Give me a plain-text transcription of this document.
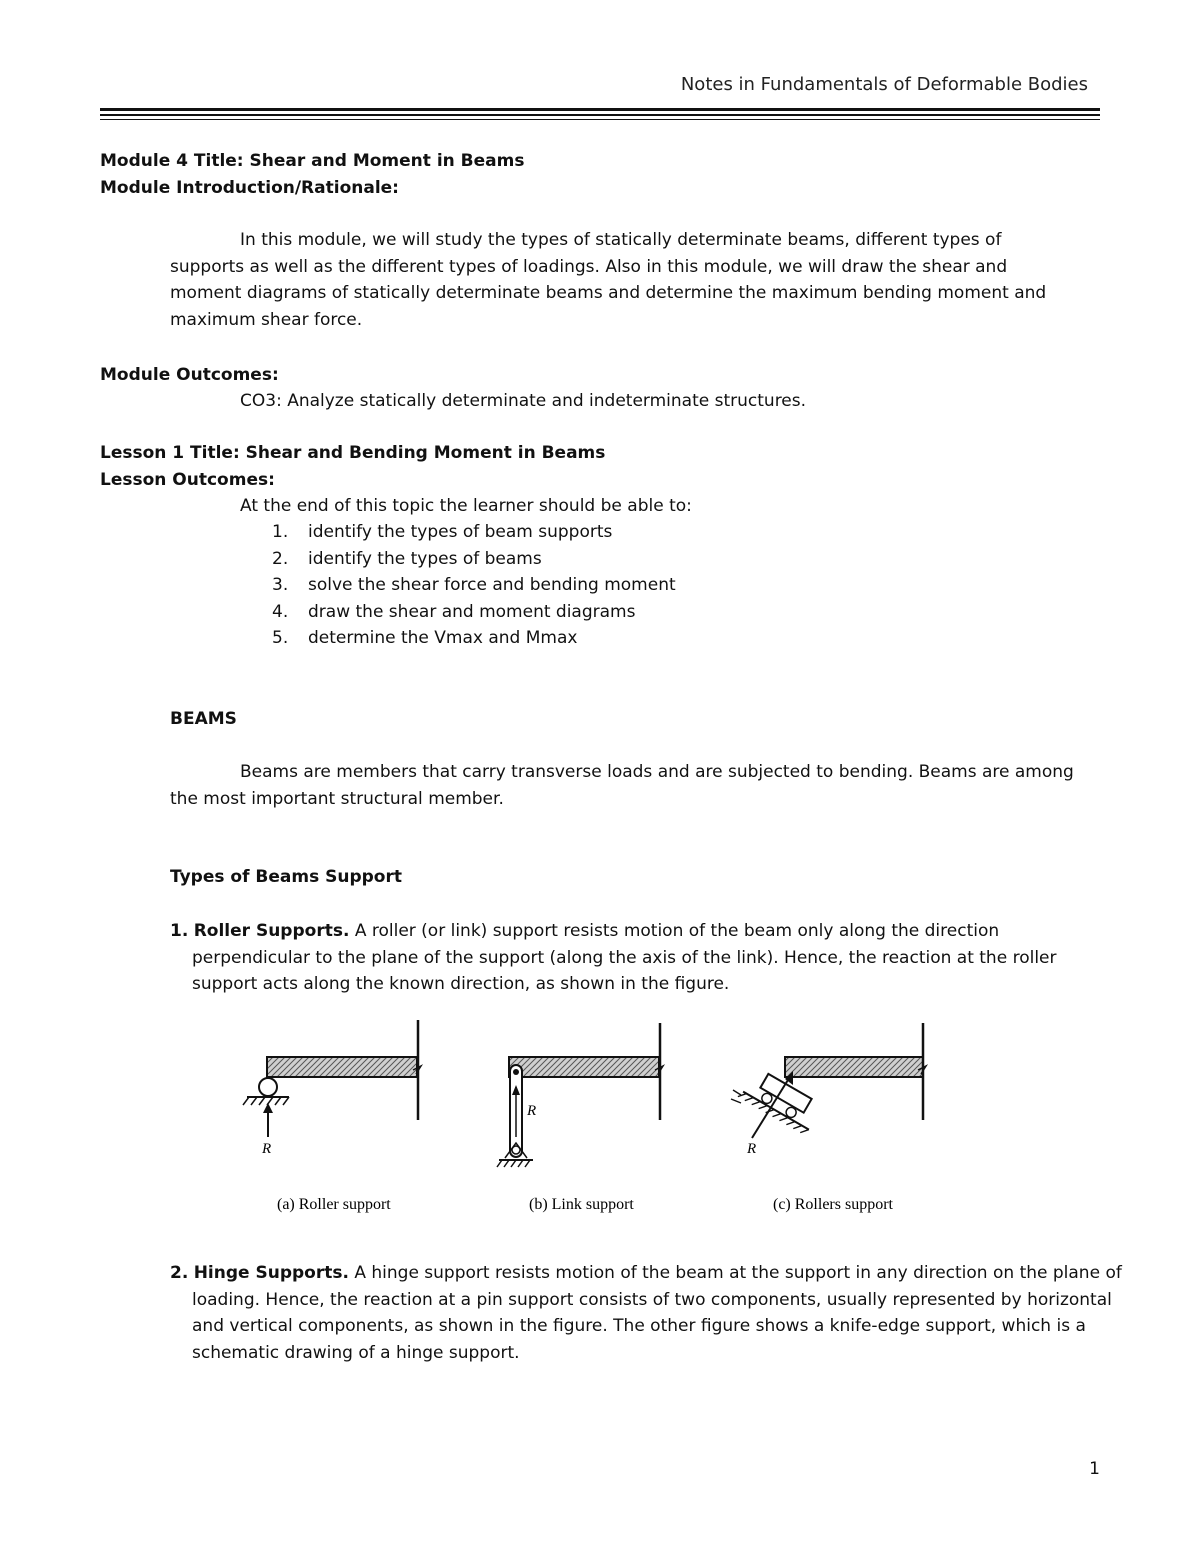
Notes in Fundamentals of Deformable Bodies
Module 4 Title: Shear and Moment in Beams
Module Introduction/Rationale:
In this module, we will study the types of statically determinate beams, different types of supports as well as the different types of loadings. Also in this module, we will draw the shear and moment diagrams of statically determinate beams and determine the maximum bending moment and maximum shear force.
Module Outcomes:
CO3: Analyze statically determinate and indeterminate structures.
Lesson 1 Title: Shear and Bending Moment in Beams
Lesson Outcomes:
At the end of this topic the learner should be able to:
1. identify the types of beam supports
2. identify the types of beams
3. solve the shear force and bending moment
4. draw the shear and moment diagrams
5. determine the Vmax and Mmax
BEAMS
Beams are members that carry transverse loads and are subjected to bending. Beams are among the most important structural member.
Types of Beams Support
1. Roller Supports. A roller (or link) support resists motion of the beam only along the direction perpendicular to the plane of the support (along the axis of the link). Hence, the reaction at the roller support acts along the known direction, as shown in the figure.
R
(a) Roller support
R
(b) Link support
R
(c) Rollers support
2. Hinge Supports. A hinge support resists motion of the beam at the support in any direction on the plane of loading. Hence, the reaction at a pin support consists of two components, usually represented by horizontal and vertical components, as shown in the figure. The other figure shows a knife-edge support, which is a schematic drawing of a hinge support.
1
